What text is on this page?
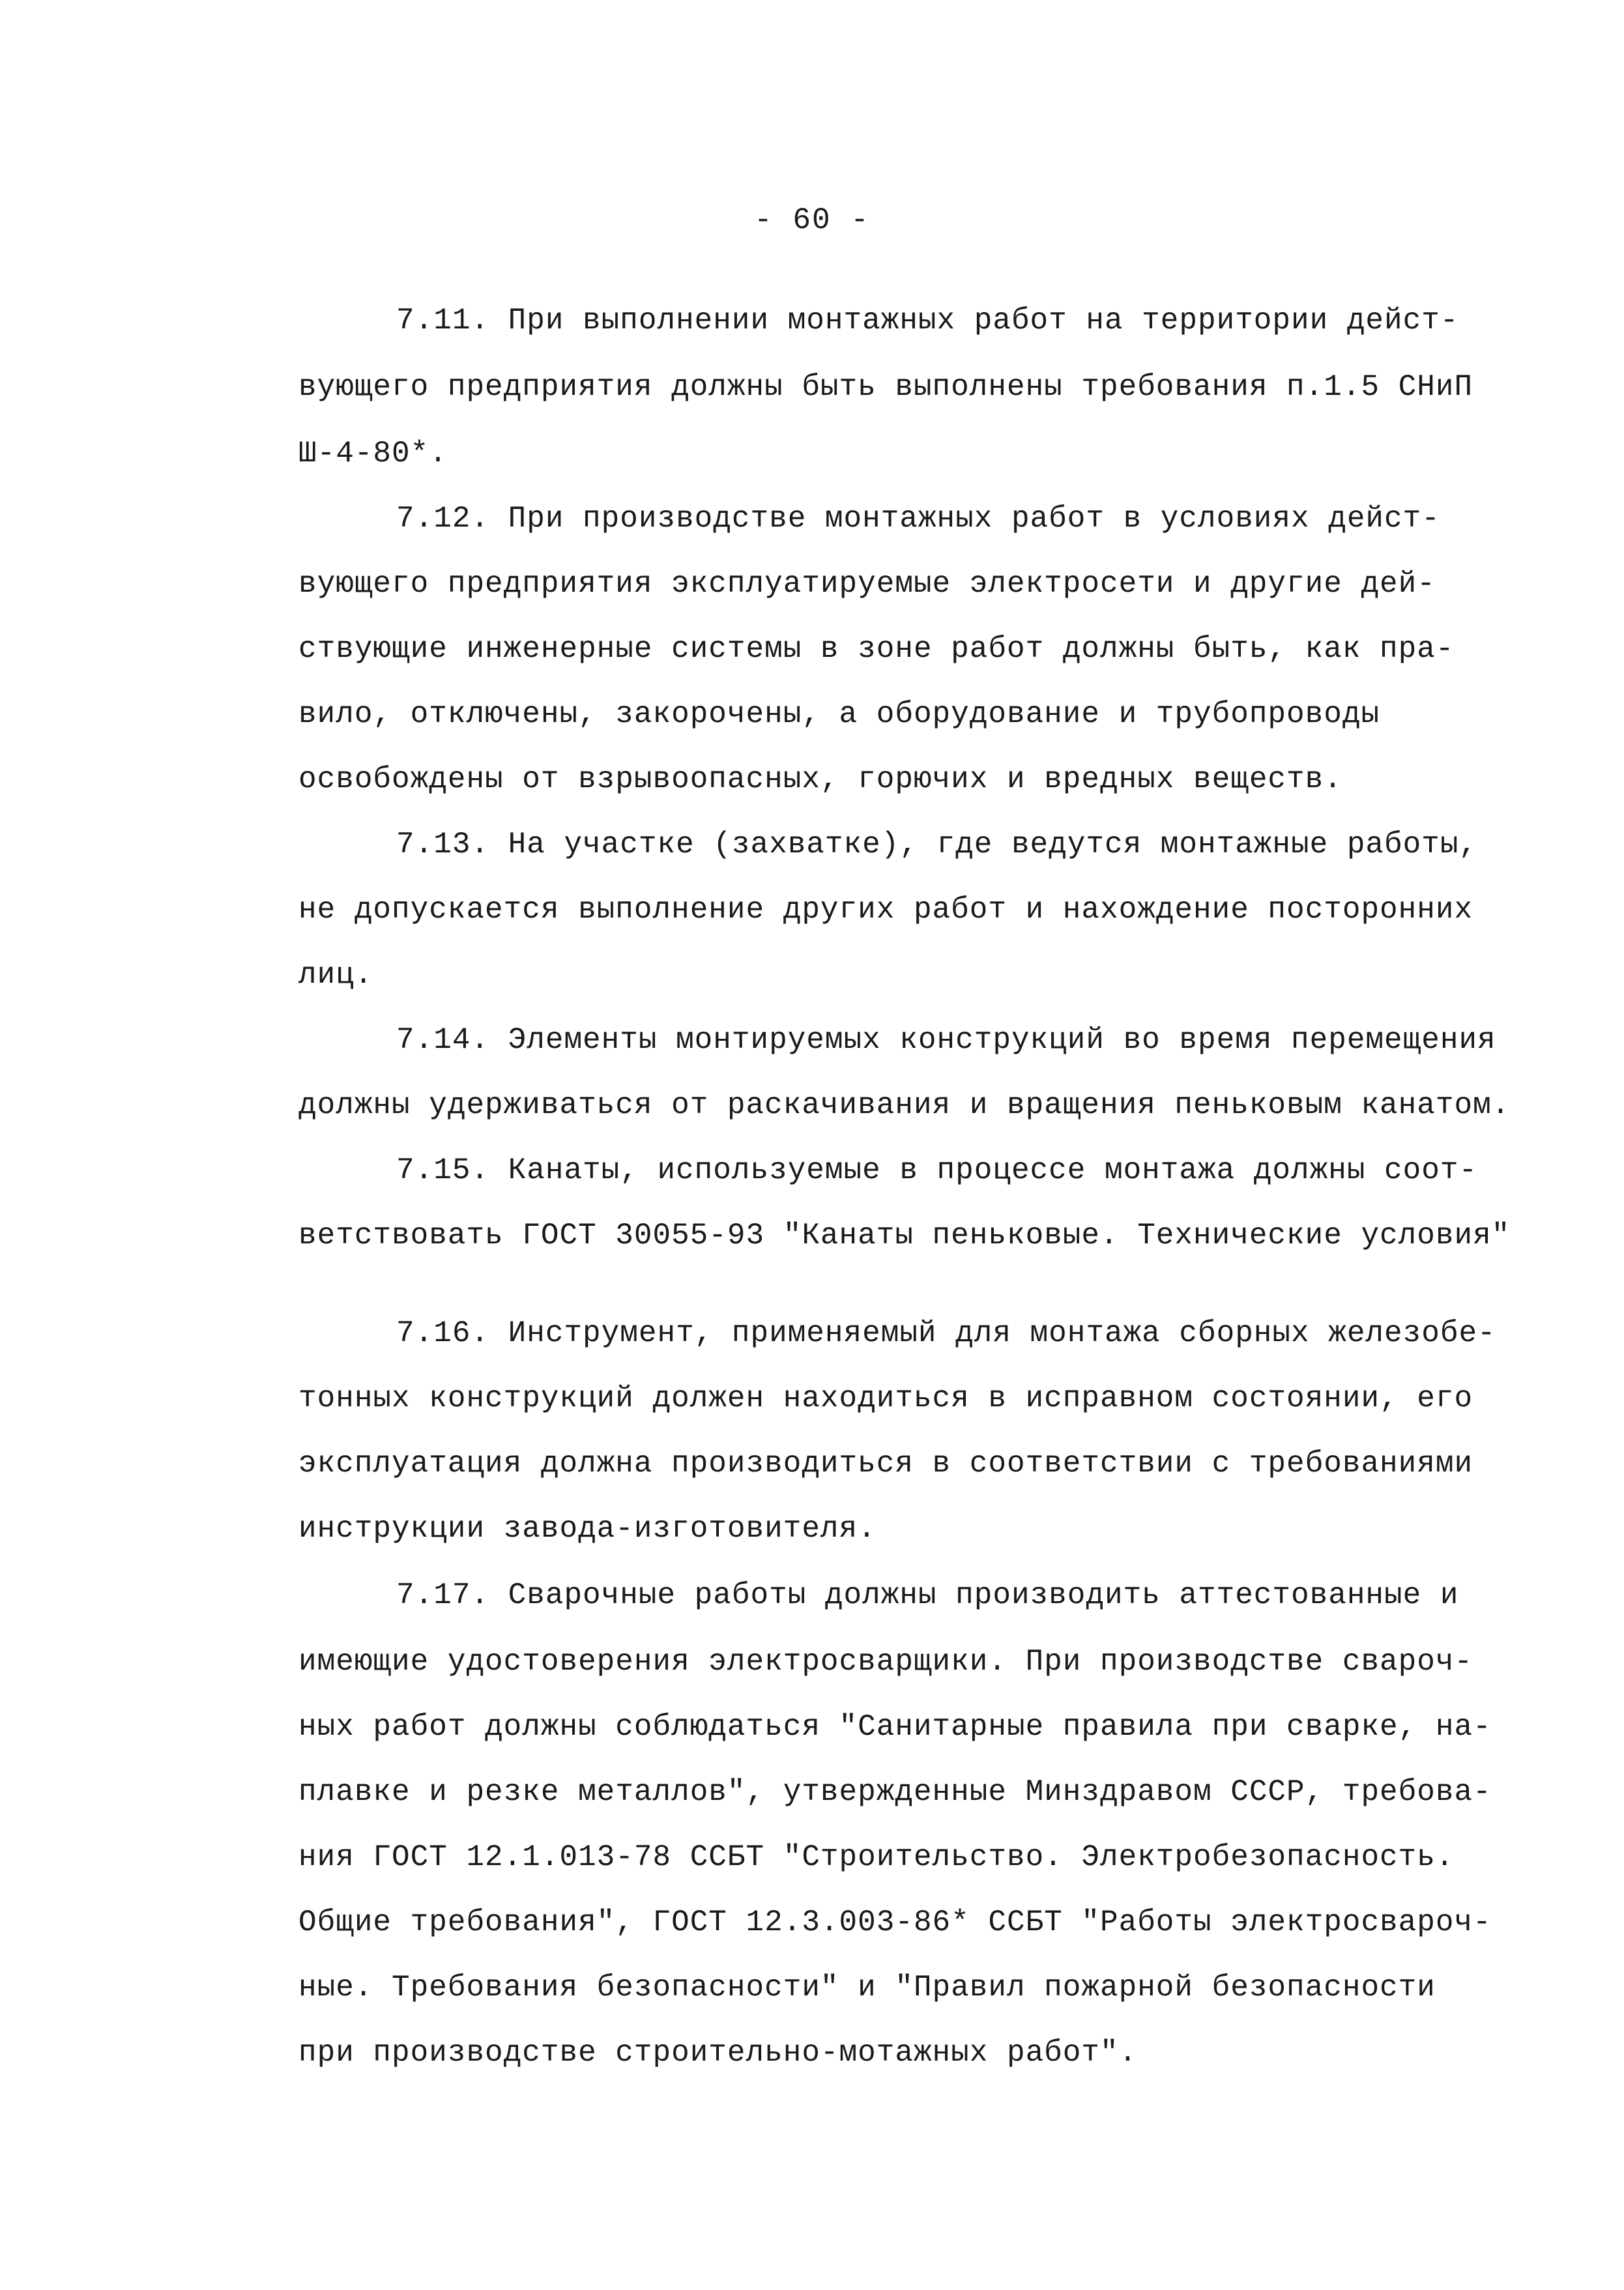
- 60 -
7.11. При выполнении монтажных работ на территории дейст-
вующего предприятия должны быть выполнены требования п.1.5 СНиП
Ш-4-80*.
7.12. При производстве монтажных работ в условиях дейст-
вующего предприятия эксплуатируемые электросети и другие дей-
ствующие инженерные системы в зоне работ должны быть, как пра-
вило, отключены, закорочены, а оборудование и трубопроводы
освобождены от взрывоопасных, горючих и вредных веществ.
7.13. На участке (захватке), где ведутся монтажные работы,
не допускается выполнение других работ и нахождение посторонних
лиц.
7.14. Элементы монтируемых конструкций во время перемещения
должны удерживаться от раскачивания и вращения пеньковым канатом.
7.15. Канаты, используемые в процессе монтажа должны соот-
ветствовать ГОСТ 30055-93 "Канаты пеньковые. Технические условия"
7.16. Инструмент, применяемый для монтажа сборных железобе-
тонных конструкций должен находиться в исправном состоянии, его
эксплуатация должна производиться в соответствии с требованиями
инструкции завода-изготовителя.
7.17. Сварочные работы должны производить аттестованные и
имеющие удостоверения электросварщики. При производстве свароч-
ных работ должны соблюдаться "Санитарные правила при сварке, на-
плавке и резке металлов", утвержденные Минздравом СССР, требова-
ния ГОСТ 12.1.013-78 ССБТ "Строительство. Электробезопасность.
Общие требования", ГОСТ 12.3.003-86* ССБТ "Работы электросвароч-
ные. Требования безопасности" и "Правил пожарной безопасности
при производстве строительно-мотажных работ".
